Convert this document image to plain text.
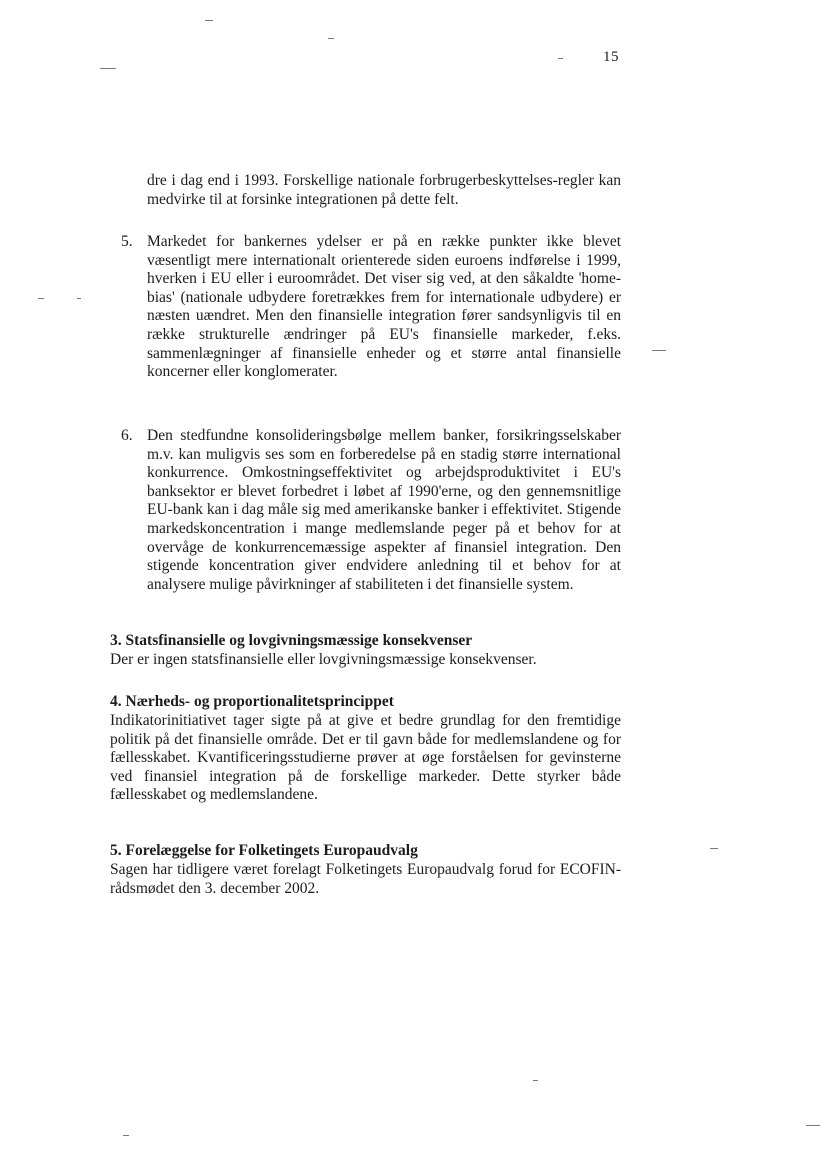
15

dre i dag end i 1993. Forskellige nationale forbrugerbeskyttelses-regler kan medvirke til at forsinke integrationen på dette felt.

5. Markedet for bankernes ydelser er på en række punkter ikke blevet væsentligt mere internationalt orienterede siden euroens indførelse i 1999, hverken i EU eller i euroområdet. Det viser sig ved, at den såkaldte 'home-bias' (nationale udbydere foretrækkes frem for internationale udbydere) er næsten uændret. Men den finansielle integration fører sandsynligvis til en række strukturelle ændringer på EU's finansielle markeder, f.eks. sammenlægninger af finansielle enheder og et større antal finansielle koncerner eller konglomerater.
6. Den stedfundne konsolideringsbølge mellem banker, forsikringsselskaber m.v. kan muligvis ses som en forberedelse på en stadig større international konkurrence. Omkostningseffektivitet og arbejdsproduktivitet i EU's banksektor er blevet forbedret i løbet af 1990'erne, og den gennemsnitlige EU-bank kan i dag måle sig med amerikanske banker i effektivitet. Stigende markedskoncentration i mange medlemslande peger på et behov for at overvåge de konkurrencemæssige aspekter af finansiel integration. Den stigende koncentration giver endvidere anledning til et behov for at analysere mulige påvirkninger af stabiliteten i det finansielle system.
3. Statsfinansielle og lovgivningsmæssige konsekvenser
Der er ingen statsfinansielle eller lovgivningsmæssige konsekvenser.
4. Nærheds- og proportionalitetsprincippet
Indikatorinitiativet tager sigte på at give et bedre grundlag for den fremtidige politik på det finansielle område. Det er til gavn både for medlemslandene og for fællesskabet. Kvantificeringsstudierne prøver at øge forståelsen for gevinsterne ved finansiel integration på de forskellige markeder. Dette styrker både fællesskabet og medlemslandene.
5. Forelæggelse for Folketingets Europaudvalg
Sagen har tidligere været forelagt Folketingets Europaudvalg forud for ECOFIN-rådsmødet den 3. december 2002.
